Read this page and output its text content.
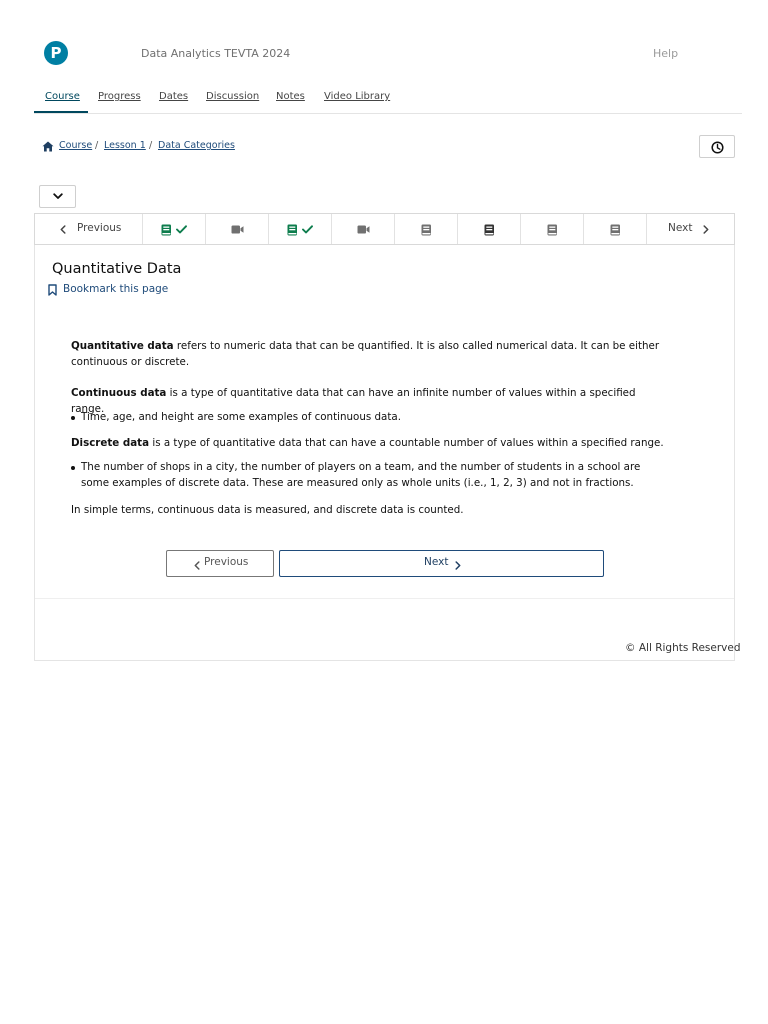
P	Data Analytics TEVTA 2024	Help
Course Progress Dates Discussion Notes Video Library
Course / Lesson 1 / Data Categories
Previous	Next
Quantitative Data
Bookmark this page

Quantitative data refers to numeric data that can be quantified. It is also called numerical data. It can be either continuous or discrete.

Continuous data is a type of quantitative data that can have an infinite number of values within a specified range.

Time, age, and height are some examples of continuous data.

Discrete data is a type of quantitative data that can have a countable number of values within a specified range.

The number of shops in a city, the number of players on a team, and the number of students in a school are some examples of discrete data. These are measured only as whole units (i.e., 1, 2, 3) and not in fractions.

In simple terms, continuous data is measured, and discrete data is counted.

Previous	Next
© All Rights Reserved
